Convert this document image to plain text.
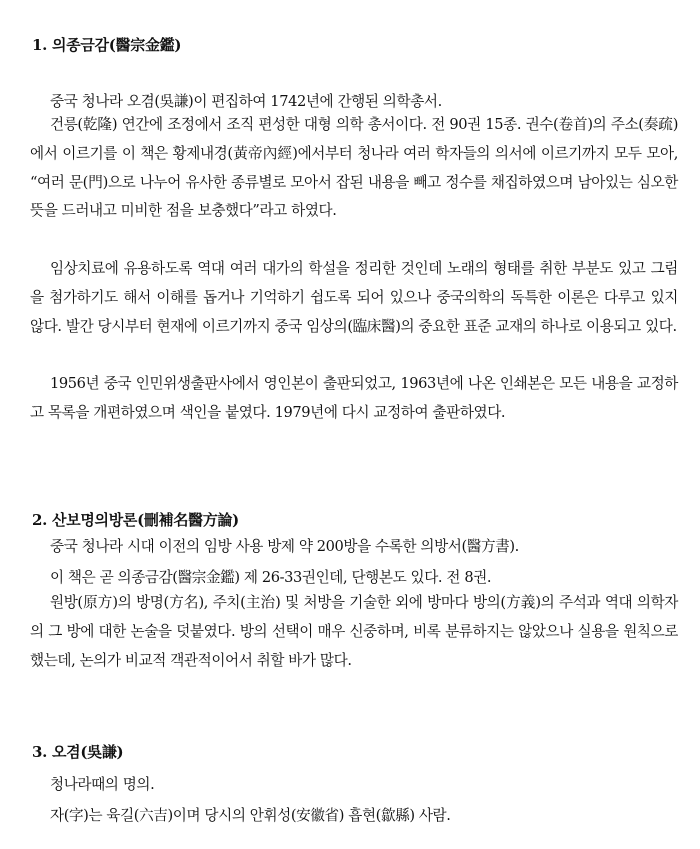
1. 의종금감(醫宗金鑑)
중국 청나라 오겸(吳謙)이 편집하여 1742년에 간행된 의학총서.
건릉(乾隆) 연간에 조정에서 조직 편성한 대형 의학 총서이다. 전 90권 15종. 권수(卷首)의 주소(奏疏)에서 이르기를 이 책은 황제내경(黃帝內經)에서부터 청나라 여러 학자들의 의서에 이르기까지 모두 모아, “여러 문(門)으로 나누어 유사한 종류별로 모아서 잡된 내용을 빼고 정수를 채집하였으며 남아있는 심오한 뜻을 드러내고 미비한 점을 보충했다”라고 하였다.
임상치료에 유용하도록 역대 여러 대가의 학설을 정리한 것인데 노래의 형태를 취한 부분도 있고 그림을 첨가하기도 해서 이해를 돕거나 기억하기 쉽도록 되어 있으나 중국의학의 독특한 이론은 다루고 있지 않다. 발간 당시부터 현재에 이르기까지 중국 임상의(臨床醫)의 중요한 표준 교재의 하나로 이용되고 있다.
1956년 중국 인민위생출판사에서 영인본이 출판되었고, 1963년에 나온 인쇄본은 모든 내용을 교정하고 목록을 개편하였으며 색인을 붙였다. 1979년에 다시 교정하여 출판하였다.
2. 산보명의방론(刪補名醫方論)
중국 청나라 시대 이전의 임방 사용 방제 약 200방을 수록한 의방서(醫方書).
이 책은 곧 의종금감(醫宗金鑑) 제 26-33권인데, 단행본도 있다. 전 8권.
원방(原方)의 방명(方名), 주치(主治) 및 처방을 기술한 외에 방마다 방의(方義)의 주석과 역대 의학자의 그 방에 대한 논술을 덧붙였다. 방의 선택이 매우 신중하며, 비록 분류하지는 않았으나 실용을 원칙으로 했는데, 논의가 비교적 객관적이어서 취할 바가 많다.
3. 오겸(吳謙)
청나라때의 명의.
자(字)는 육길(六吉)이며 당시의 안휘성(安徽省) 흡현(歙縣) 사람.
